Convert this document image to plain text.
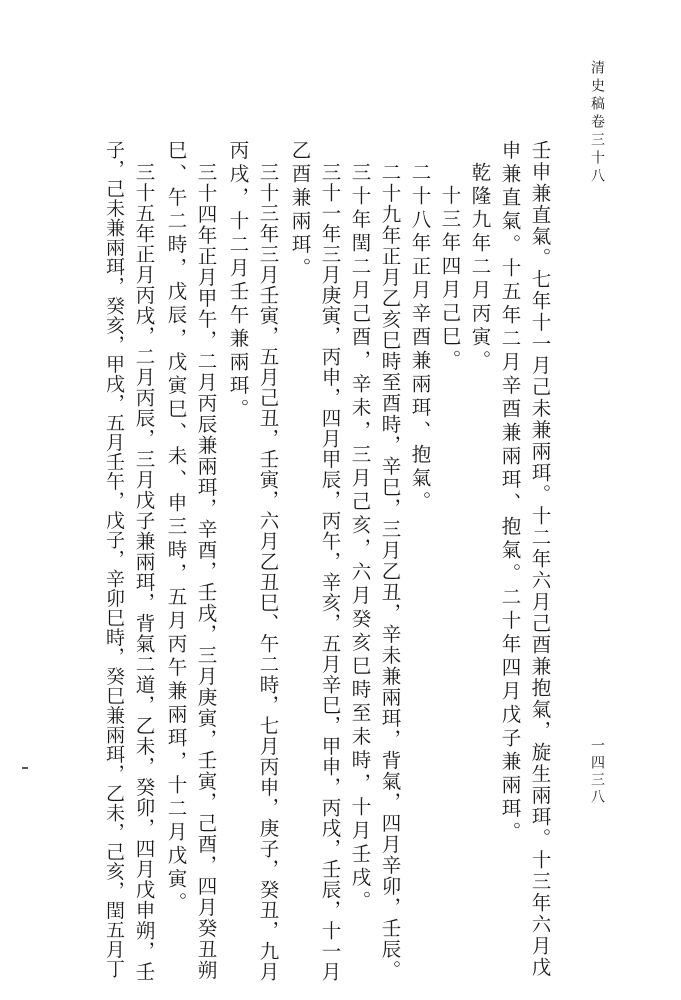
清史稿卷三十八
一四三八
壬申兼直氣。七年十一月己未兼兩珥。十二年六月己酉兼抱氣，旋生兩珥。十三年六月戊
申兼直氣。十五年二月辛酉兼兩珥、抱氣。二十年四月戊子兼兩珥。
乾隆九年二月丙寅。
十三年四月己巳。
二十八年正月辛酉兼兩珥、抱氣。
二十九年正月乙亥巳時至酉時，辛巳，三月乙丑，辛未兼兩珥，背氣，四月辛卯，壬辰。
三十年閏二月己酉，辛未，三月己亥，六月癸亥巳時至未時，十月壬戌。
三十一年三月庚寅，丙申，四月甲辰，丙午，辛亥，五月辛巳，甲申，丙戌，壬辰，十一月
乙酉兼兩珥。
三十三年三月壬寅，五月己丑，壬寅，六月乙丑巳、午二時，七月丙申，庚子，癸丑，九月
丙戌，十二月壬午兼兩珥。
三十四年正月甲午，二月丙辰兼兩珥，辛酉，壬戌，三月庚寅，壬寅，己酉，四月癸丑朔
巳、午二時，戊辰，戊寅巳、未、申三時，五月丙午兼兩珥，十二月戊寅。
三十五年正月丙戌，二月丙辰，三月戊子兼兩珥，背氣二道，乙未，癸卯，四月戊申朔，壬
子，己未兼兩珥，癸亥，甲戌，五月壬午，戊子，辛卯巳時，癸巳兼兩珥，乙未，己亥，閏五月丁
